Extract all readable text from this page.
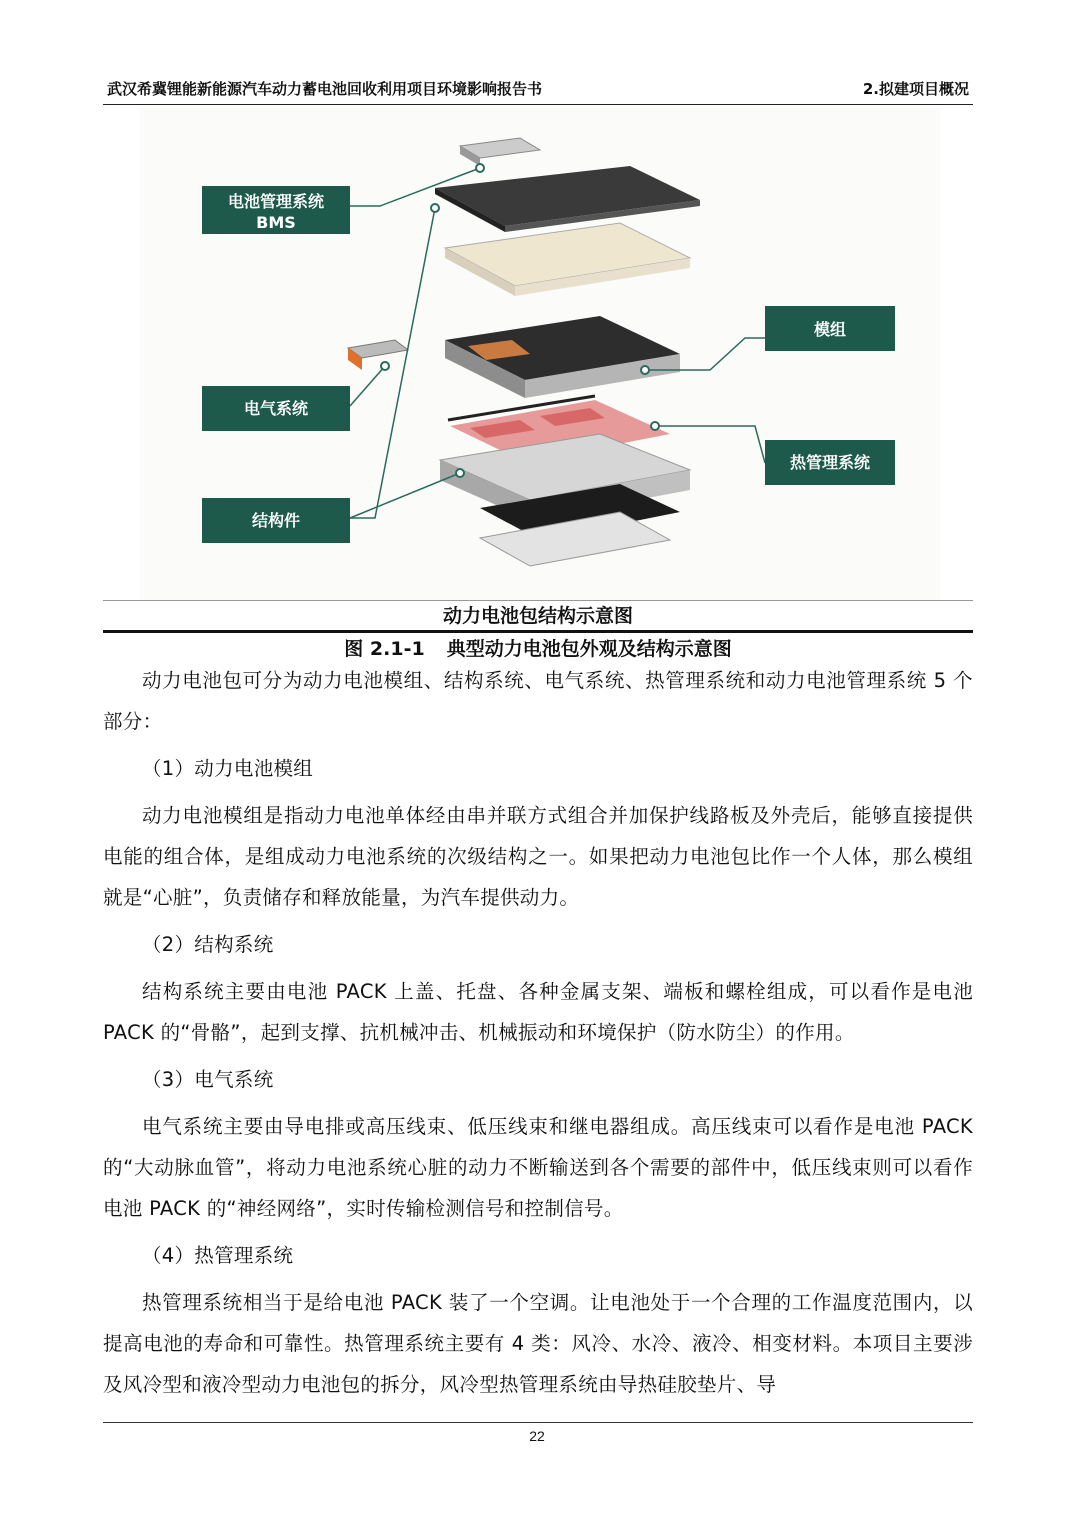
武汉希冀锂能新能源汽车动力蓄电池回收利用项目环境影响报告书	2.拟建项目概况
电池管理系统
BMS
模组
电气系统
热管理系统
结构件
动力电池包结构示意图
图 2.1-1 典型动力电池包外观及结构示意图

动力电池包可分为动力电池模组、结构系统、电气系统、热管理系统和动力电池管理系统 5 个部分：

（1）动力电池模组

动力电池模组是指动力电池单体经由串并联方式组合并加保护线路板及外壳后，能够直接提供电能的组合体，是组成动力电池系统的次级结构之一。如果把动力电池包比作一个人体，那么模组就是“心脏”，负责储存和释放能量，为汽车提供动力。

（2）结构系统

结构系统主要由电池 PACK 上盖、托盘、各种金属支架、端板和螺栓组成，可以看作是电池 PACK 的“骨骼”，起到支撑、抗机械冲击、机械振动和环境保护（防水防尘）的作用。

（3）电气系统

电气系统主要由导电排或高压线束、低压线束和继电器组成。高压线束可以看作是电池 PACK 的“大动脉血管”，将动力电池系统心脏的动力不断输送到各个需要的部件中，低压线束则可以看作电池 PACK 的“神经网络”，实时传输检测信号和控制信号。

（4）热管理系统

热管理系统相当于是给电池 PACK 装了一个空调。让电池处于一个合理的工作温度范围内，以提高电池的寿命和可靠性。热管理系统主要有 4 类：风冷、水冷、液冷、相变材料。本项目主要涉及风冷型和液冷型动力电池包的拆分，风冷型热管理系统由导热硅胶垫片、导

22
